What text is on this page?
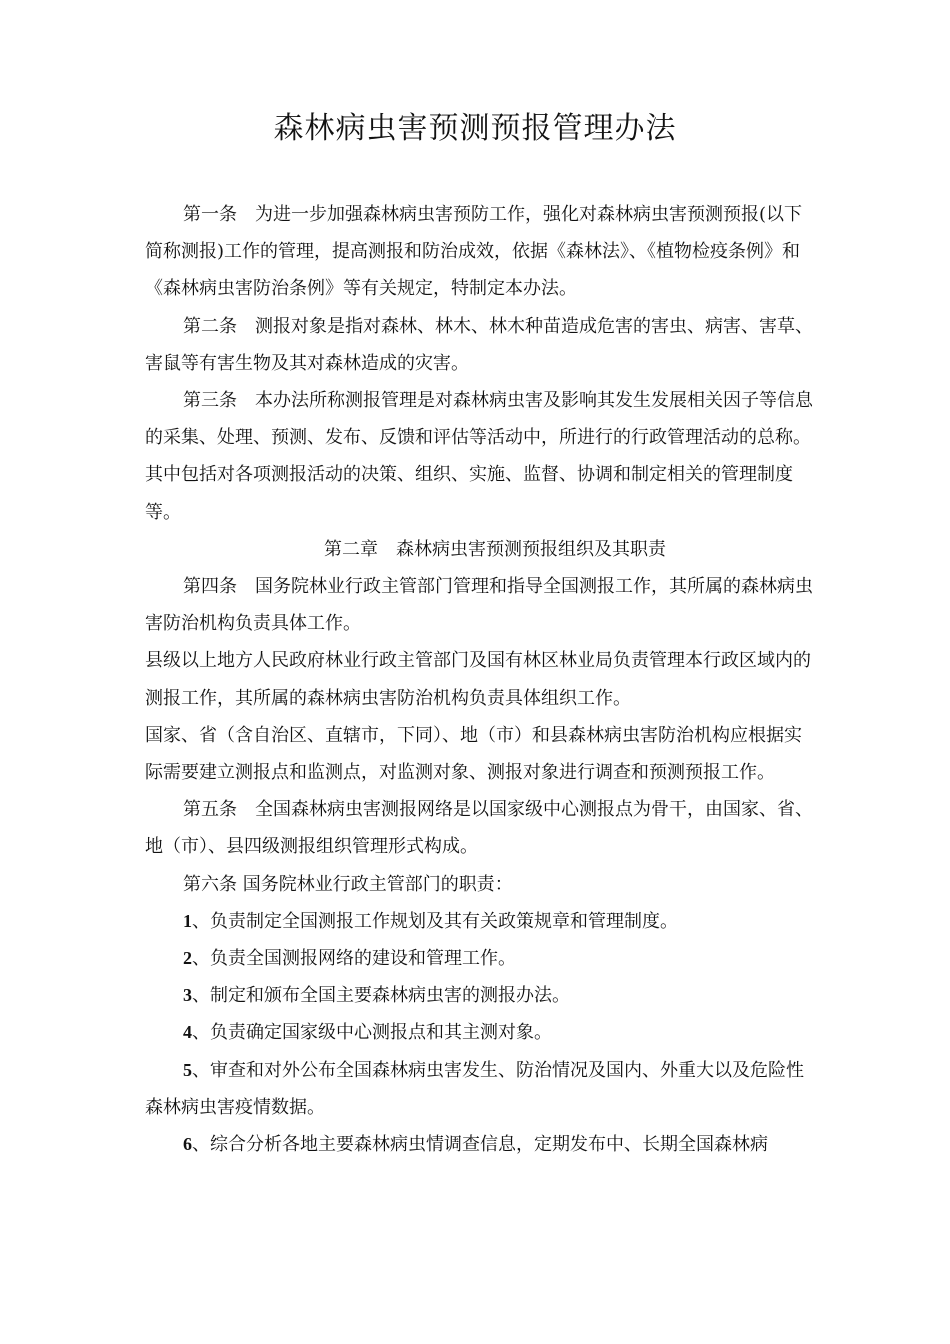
森林病虫害预测预报管理办法

第一条　为进一步加强森林病虫害预防工作，强化对森林病虫害预测预报(以下简称测报)工作的管理，提高测报和防治成效，依据《森林法》、《植物检疫条例》和《森林病虫害防治条例》等有关规定，特制定本办法。

第二条　测报对象是指对森林、林木、林木种苗造成危害的害虫、病害、害草、害鼠等有害生物及其对森林造成的灾害。

第三条　本办法所称测报管理是对森林病虫害及影响其发生发展相关因子等信息的采集、处理、预测、发布、反馈和评估等活动中，所进行的行政管理活动的总称。其中包括对各项测报活动的决策、组织、实施、监督、协调和制定相关的管理制度等。

第二章　森林病虫害预测预报组织及其职责

第四条　国务院林业行政主管部门管理和指导全国测报工作，其所属的森林病虫害防治机构负责具体工作。

县级以上地方人民政府林业行政主管部门及国有林区林业局负责管理本行政区域内的测报工作，其所属的森林病虫害防治机构负责具体组织工作。

国家、省（含自治区、直辖市，下同）、地（市）和县森林病虫害防治机构应根据实际需要建立测报点和监测点，对监测对象、测报对象进行调查和预测预报工作。

第五条　全国森林病虫害测报网络是以国家级中心测报点为骨干，由国家、省、地（市）、县四级测报组织管理形式构成。

第六条 国务院林业行政主管部门的职责：

1、负责制定全国测报工作规划及其有关政策规章和管理制度。

2、负责全国测报网络的建设和管理工作。

3、制定和颁布全国主要森林病虫害的测报办法。

4、负责确定国家级中心测报点和其主测对象。

5、审查和对外公布全国森林病虫害发生、防治情况及国内、外重大以及危险性森林病虫害疫情数据。

6、综合分析各地主要森林病虫情调查信息，定期发布中、长期全国森林病
